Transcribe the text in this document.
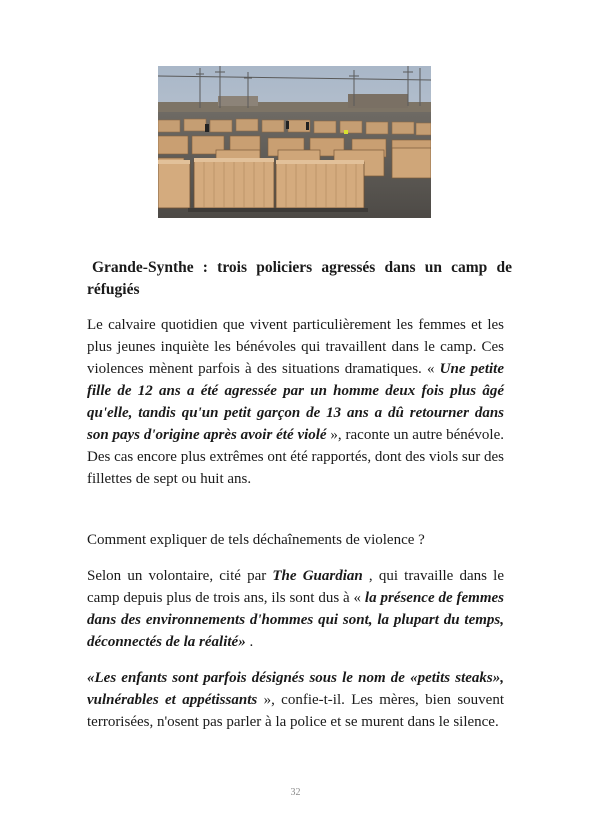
Grande-Synthe : trois policiers agressés dans un camp de réfugiés

Le calvaire quotidien que vivent particulièrement les femmes et les plus jeunes inquiète les bénévoles qui travaillent dans le camp. Ces violences mènent parfois à des situations dramatiques. « Une petite fille de 12 ans a été agressée par un homme deux fois plus âgé qu'elle, tandis qu'un petit garçon de 13 ans a dû retourner dans son pays d'origine après avoir été violé », raconte un autre bénévole. Des cas encore plus extrêmes ont été rapportés, dont des viols sur des fillettes de sept ou huit ans.

Comment expliquer de tels déchaînements de violence ?

Selon un volontaire, cité par The Guardian , qui travaille dans le camp depuis plus de trois ans, ils sont dus à « la présence de femmes dans des environnements d'hommes qui sont, la plupart du temps, déconnectés de la réalité» .

«Les enfants sont parfois désignés sous le nom de «petits steaks», vulnérables et appétissants », confie-t-il. Les mères, bien souvent terrorisées, n'osent pas parler à la police et se murent dans le silence.

32
